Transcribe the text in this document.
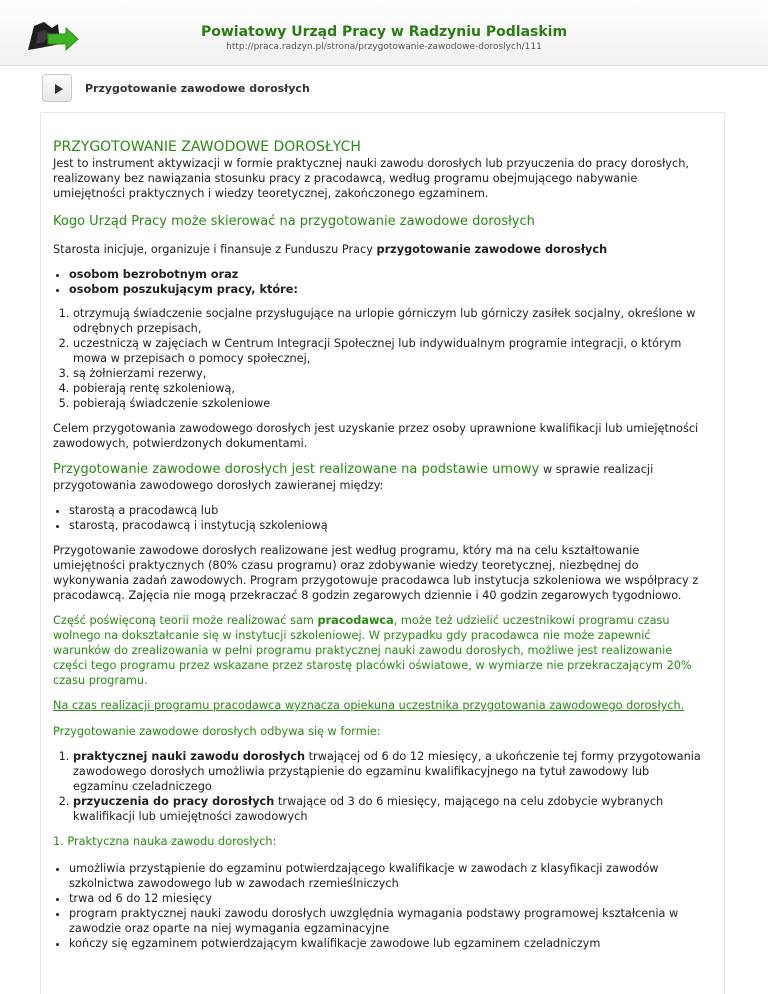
Powiatowy Urząd Pracy w Radzyniu Podlaskim
http://praca.radzyn.pl/strona/przygotowanie-zawodowe-doroslych/111
Przygotowanie zawodowe dorosłych
PRZYGOTOWANIE ZAWODOWE DOROSŁYCH

Jest to instrument aktywizacji w formie praktycznej nauki zawodu dorosłych lub przyuczenia do pracy dorosłych, realizowany bez nawiązania stosunku pracy z pracodawcą, według programu obejmującego nabywanie umiejętności praktycznych i wiedzy teoretycznej, zakończonego egzaminem.

Kogo Urząd Pracy może skierować na przygotowanie zawodowe dorosłych

Starosta inicjuje, organizuje i finansuje z Funduszu Pracy przygotowanie zawodowe dorosłych

• osobom bezrobotnym oraz
• osobom poszukującym pracy, które:
1. otrzymują świadczenie socjalne przysługujące na urlopie górniczym lub górniczy zasiłek socjalny, określone w odrębnych przepisach,
2. uczestniczą w zajęciach w Centrum Integracji Społecznej lub indywidualnym programie integracji, o którym mowa w przepisach o pomocy społecznej,
3. są żołnierzami rezerwy,
4. pobierają rentę szkoleniową,
5. pobierają świadczenie szkoleniowe

Celem przygotowania zawodowego dorosłych jest uzyskanie przez osoby uprawnione kwalifikacji lub umiejętności zawodowych, potwierdzonych dokumentami.

Przygotowanie zawodowe dorosłych jest realizowane na podstawie umowy w sprawie realizacji przygotowania zawodowego dorosłych zawieranej między:

• starostą a pracodawcą lub
• starostą, pracodawcą i instytucją szkoleniową

Przygotowanie zawodowe dorosłych realizowane jest według programu, który ma na celu kształtowanie umiejętności praktycznych (80% czasu programu) oraz zdobywanie wiedzy teoretycznej, niezbędnej do wykonywania zadań zawodowych. Program przygotowuje pracodawca lub instytucja szkoleniowa we współpracy z pracodawcą. Zajęcia nie mogą przekraczać 8 godzin zegarowych dziennie i 40 godzin zegarowych tygodniowo.

Część poświęconą teorii może realizować sam pracodawca, może też udzielić uczestnikowi programu czasu wolnego na dokształcanie się w instytucji szkoleniowej. W przypadku gdy pracodawca nie może zapewnić warunków do zrealizowania w pełni programu praktycznej nauki zawodu dorosłych, możliwe jest realizowanie części tego programu przez wskazane przez starostę placówki oświatowe, w wymiarze nie przekraczającym 20% czasu programu.

Na czas realizacji programu pracodawca wyznacza opiekuna uczestnika przygotowania zawodowego dorosłych.

Przygotowanie zawodowe dorosłych odbywa się w formie:

1. praktycznej nauki zawodu dorosłych trwającej od 6 do 12 miesięcy, a ukończenie tej formy przygotowania zawodowego dorosłych umożliwia przystąpienie do egzaminu kwalifikacyjnego na tytuł zawodowy lub egzaminu czeladniczego
2. przyuczenia do pracy dorosłych trwające od 3 do 6 miesięcy, mającego na celu zdobycie wybranych kwalifikacji lub umiejętności zawodowych

1. Praktyczna nauka zawodu dorosłych:

• umożliwia przystąpienie do egzaminu potwierdzającego kwalifikacje w zawodach z klasyfikacji zawodów szkolnictwa zawodowego lub w zawodach rzemieślniczych
• trwa od 6 do 12 miesięcy
• program praktycznej nauki zawodu dorosłych uwzględnia wymagania podstawy programowej kształcenia w zawodzie oraz oparte na niej wymagania egzaminacyjne
• kończy się egzaminem potwierdzającym kwalifikacje zawodowe lub egzaminem czeladniczym
